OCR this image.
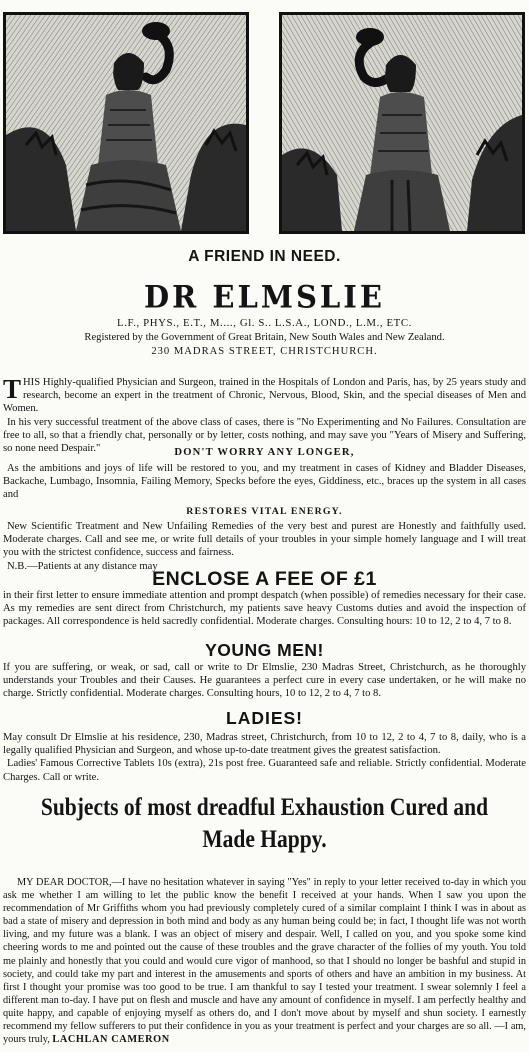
A FRIEND IN NEED.
DR ELMSLIE
L.F., PHYS., E.T., M...., Gl. S.. L.S.A., LOND., L.M., ETC.
Registered by the Government of Great Britain, New South Wales and New Zealand.
230 MADRAS STREET, CHRISTCHURCH.

THIS Highly-qualified Physician and Surgeon, trained in the Hospitals of London and Paris, has, by 25 years study and research, become an expert in the treatment of Chronic, Nervous, Blood, Skin, and the special diseases of Men and Women.

In his very successful treatment of the above class of cases, there is "No Experimenting and No Failures. Consultation are free to all, so that a friendly chat, personally or by letter, costs nothing, and may save you "Years of Misery and Suffering, so none need Despair."	DON'T WORRY ANY LONGER,

As the ambitions and joys of life will be restored to you, and my treatment in cases of Kidney and Bladder Diseases, Backache, Lumbago, Insomnia, Failing Memory, Specks before the eyes, Giddiness, etc., braces up the system in all cases and

RESTORES VITAL ENERGY.

New Scientific Treatment and New Unfailing Remedies of the very best and purest are Honestly and faithfully used. Moderate charges. Call and see me, or write full details of your troubles in your simple homely language and I will treat you with the strictest confidence, success and fairness.

N.B.—Patients at any distance may

ENCLOSE A FEE OF £1

in their first letter to ensure immediate attention and prompt despatch (when possible) of remedies necessary for their case. As my remedies are sent direct from Christchurch, my patients save heavy Customs duties and avoid the inspection of packages. All correspondence is held sacredly confidential. Moderate charges. Consulting hours: 10 to 12, 2 to 4, 7 to 8.

YOUNG MEN!

If you are suffering, or weak, or sad, call or write to Dr Elmslie, 230 Madras Street, Christchurch, as he thoroughly understands your Troubles and their Causes. He guarantees a perfect cure in every case undertaken, or he will make no charge. Strictly confidential. Moderate charges. Consulting hours, 10 to 12, 2 to 4, 7 to 8.

LADIES!

May consult Dr Elmslie at his residence, 230, Madras street, Christchurch, from 10 to 12, 2 to 4, 7 to 8, daily, who is a legally qualified Physician and Surgeon, and whose up-to-date treatment gives the greatest satisfaction.

Ladies' Famous Corrective Tablets 10s (extra), 21s post free. Guaranteed safe and reliable. Strictly confidential. Moderate Charges. Call or write.

Subjects of most dreadful Exhaustion Cured and Made Happy.

MY DEAR DOCTOR,—I have no hesitation whatever in saying "Yes" in reply to your letter received to-day in which you ask me whether I am willing to let the public know the benefit I received at your hands. When I saw you upon the recommendation of Mr Griffiths whom you had previously completely cured of a similar complaint I think I was in about as bad a state of misery and depression in both mind and body as any human being could be; in fact, I thought life was not worth living, and my future was a blank. I was an object of misery and despair. Well, I called on you, and you spoke some kind cheering words to me and pointed out the cause of these troubles and the grave character of the follies of my youth. You told me plainly and honestly that you could and would cure vigor of manhood, so that I should no longer be bashful and stupid in society, and could take my part and interest in the amusements and sports of others and have an ambition in my business. At first I thought your promise was too good to be true. I am thankful to say I tested your treatment. I swear solemnly I feel a different man to-day. I have put on flesh and muscle and have any amount of confidence in myself. I am perfectly healthy and quite happy, and capable of enjoying myself as others do, and I don't move about by myself and shun society. I earnestly recommend my fellow sufferers to put their confidence in you as your treatment is perfect and your charges are so all. —I am, yours truly, LACHLAN CAMERON
